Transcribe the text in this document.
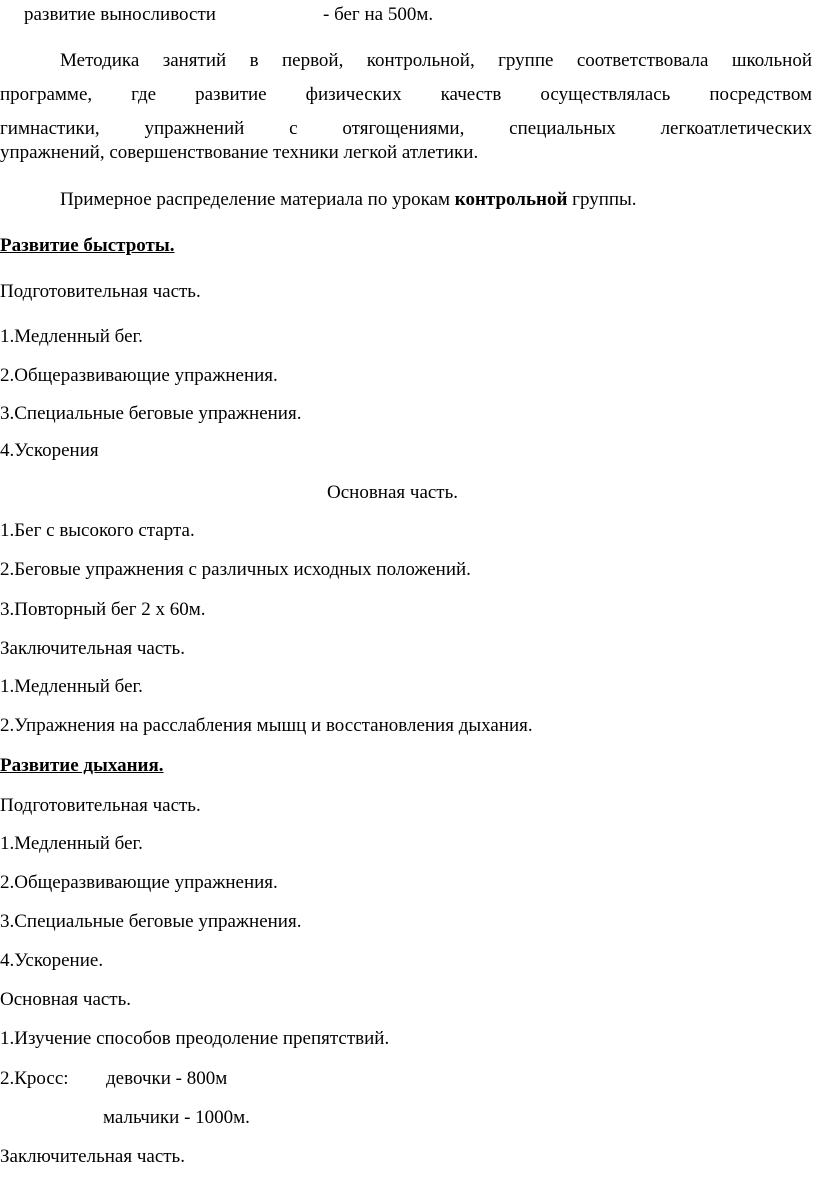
развитие выносливости	- бег на 500м.
Методика занятий в первой, контрольной, группе соответствовала школьной
программе, где развитие физических качеств осуществлялась посредством
гимнастики, упражнений с отягощениями, специальных легкоатлетических
упражнений, совершенствование техники легкой атлетики.
Примерное распределение материала по урокам контрольной группы.
Развитие быстроты.
Подготовительная часть.
1.Медленный бег.
2.Общеразвивающие упражнения.
3.Специальные беговые упражнения.
4.Ускорения
Основная часть.
1.Бег с высокого старта.
2.Беговые упражнения с различных исходных положений.
3.Повторный бег 2 х 60м.
Заключительная часть.
1.Медленный бег.
2.Упражнения на расслабления мышц и восстановления дыхания.
Развитие дыхания.
Подготовительная часть.
1.Медленный бег.
2.Общеразвивающие упражнения.
3.Специальные беговые упражнения.
4.Ускорение.
Основная часть.
1.Изучение способов преодоление препятствий.
2.Кросс: девочки - 800м
мальчики - 1000м.
Заключительная часть.
